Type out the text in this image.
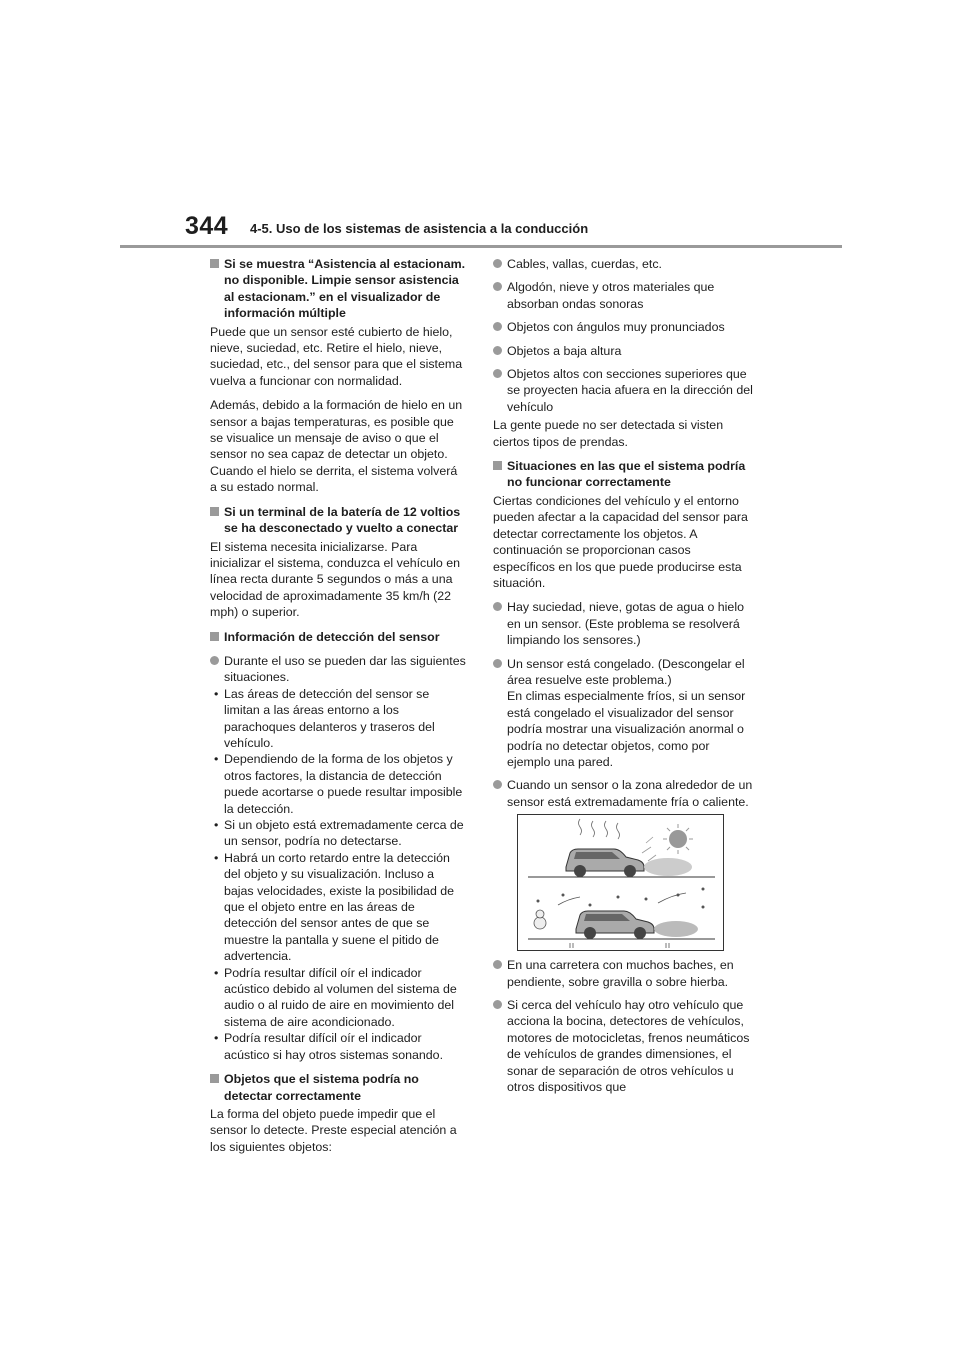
344 4-5. Uso de los sistemas de asistencia a la conducción
Si se muestra “Asistencia al estacionam. no disponible. Limpie sensor asistencia al estacionam.” en el visualizador de información múltiple

Puede que un sensor esté cubierto de hielo, nieve, suciedad, etc. Retire el hielo, nieve, suciedad, etc., del sensor para que el sistema vuelva a funcionar con normalidad.

Además, debido a la formación de hielo en un sensor a bajas temperaturas, es posible que se visualice un mensaje de aviso o que el sensor no sea capaz de detectar un objeto. Cuando el hielo se derrita, el sistema volverá a su estado normal.

Si un terminal de la batería de 12 voltios se ha desconectado y vuelto a conectar

El sistema necesita inicializarse. Para inicializar el sistema, conduzca el vehículo en línea recta durante 5 segundos o más a una velocidad de aproximadamente 35 km/h (22 mph) o superior.

Información de detección del sensor
Durante el uso se pueden dar las siguientes situaciones.
• Las áreas de detección del sensor se limitan a las áreas entorno a los parachoques delanteros y traseros del vehículo.
• Dependiendo de la forma de los objetos y otros factores, la distancia de detección puede acortarse o puede resultar imposible la detección.
• Si un objeto está extremadamente cerca de un sensor, podría no detectarse.
• Habrá un corto retardo entre la detección del objeto y su visualización. Incluso a bajas velocidades, existe la posibilidad de que el objeto entre en las áreas de detección del sensor antes de que se muestre la pantalla y suene el pitido de advertencia.
• Podría resultar difícil oír el indicador acústico debido al volumen del sistema de audio o al ruido de aire en movimiento del sistema de aire acondicionado.
• Podría resultar difícil oír el indicador acústico si hay otros sistemas sonando.
Objetos que el sistema podría no detectar correctamente

La forma del objeto puede impedir que el sensor lo detecte. Preste especial atención a los siguientes objetos:

Cables, vallas, cuerdas, etc.
Algodón, nieve y otros materiales que absorban ondas sonoras
Objetos con ángulos muy pronunciados
Objetos a baja altura
Objetos altos con secciones superiores que se proyecten hacia afuera en la dirección del vehículo

La gente puede no ser detectada si visten ciertos tipos de prendas.

Situaciones en las que el sistema podría no funcionar correctamente

Ciertas condiciones del vehículo y el entorno pueden afectar a la capacidad del sensor para detectar correctamente los objetos. A continuación se proporcionan casos específicos en los que puede producirse esta situación.

Hay suciedad, nieve, gotas de agua o hielo en un sensor. (Este problema se resolverá limpiando los sensores.)
Un sensor está congelado. (Descongelar el área resuelve este problema.)
En climas especialmente fríos, si un sensor está congelado el visualizador del sensor podría mostrar una visualización anormal o podría no detectar objetos, como por ejemplo una pared.
Cuando un sensor o la zona alrededor de un sensor está extremadamente fría o caliente.
En una carretera con muchos baches, en pendiente, sobre gravilla o sobre hierba.
Si cerca del vehículo hay otro vehículo que acciona la bocina, detectores de vehículos, motores de motocicletas, frenos neumáticos de vehículos de grandes dimensiones, el sonar de separación de otros vehículos u otros dispositivos que
